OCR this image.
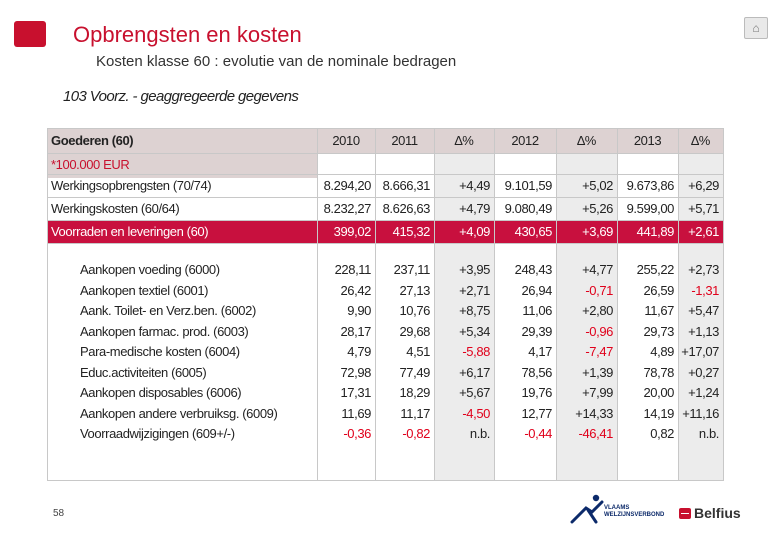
Opbrengsten en kosten
Kosten klasse 60 : evolutie van de nominale bedragen
⌂
103 Voorz. - geaggregeerde gegevens
Goederen (60)
*100.000 EUR
2010	2011	∆%	2012	∆%	2013	∆%
Werkingsopbrengsten (70/74)	8.294,20 8.666,31	+4,49	9.101,59	+5,02	9.673,86	+6,29
Werkingskosten (60/64)	8.232,27 8.626,63	+4,79	9.080,49	+5,26	9.599,00	+5,71
Voorraden en leveringen (60)	399,02	415,32	+4,09	430,65	+3,69	441,89	+2,61
Aankopen voeding (6000)	228,11	237,11	+3,95	248,43	+4,77	255,22	+2,73
Aankopen textiel (6001)	26,42	27,13	+2,71	26,94	-0,71	26,59	-1,31
Aank. Toilet- en Verz.ben. (6002)	9,90	10,76	+8,75	11,06	+2,80	11,67	+5,47
Aankopen farmac. prod. (6003)	28,17	29,68	+5,34	29,39	-0,96	29,73	+1,13
Para-medische kosten (6004)	4,79	4,51	-5,88	4,17	-7,47	4,89 +17,07
Educ.activiteiten (6005)	72,98	77,49	+6,17	78,56	+1,39	78,78	+0,27
Aankopen disposables (6006)	17,31	18,29	+5,67	19,76	+7,99	20,00	+1,24
Aankopen andere verbruiksg. (6009)	11,69	11,17	-4,50	12,77	+14,33	14,19 +11,16
Voorraadwijzigingen (609+/-)	-0,36	-0,82	n.b.	-0,44	-46,41	0,82	n.b.
58	VLAAMS WELZIJNSVERBOND Belfius
